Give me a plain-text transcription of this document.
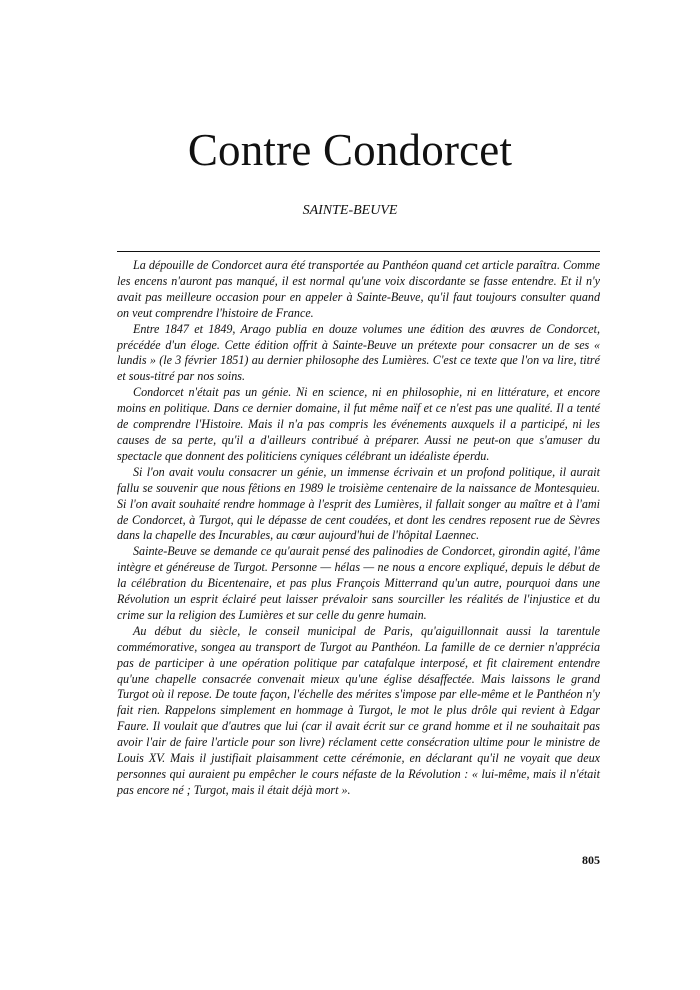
Contre Condorcet
SAINTE-BEUVE

La dépouille de Condorcet aura été transportée au Panthéon quand cet article paraîtra. Comme les encens n'auront pas manqué, il est normal qu'une voix discordante se fasse entendre. Et il n'y avait pas meilleure occasion pour en appeler à Sainte-Beuve, qu'il faut toujours consulter quand on veut comprendre l'histoire de France.

Entre 1847 et 1849, Arago publia en douze volumes une édition des œuvres de Condorcet, précédée d'un éloge. Cette édition offrit à Sainte-Beuve un prétexte pour consacrer un de ses « lundis » (le 3 février 1851) au dernier philosophe des Lumières. C'est ce texte que l'on va lire, titré et sous-titré par nos soins.

Condorcet n'était pas un génie. Ni en science, ni en philosophie, ni en littérature, et encore moins en politique. Dans ce dernier domaine, il fut même naïf et ce n'est pas une qualité. Il a tenté de comprendre l'Histoire. Mais il n'a pas compris les événements auxquels il a participé, ni les causes de sa perte, qu'il a d'ailleurs contribué à préparer. Aussi ne peut-on que s'amuser du spectacle que donnent des politiciens cyniques célébrant un idéaliste éperdu.

Si l'on avait voulu consacrer un génie, un immense écrivain et un profond politique, il aurait fallu se souvenir que nous fêtions en 1989 le troisième centenaire de la naissance de Montesquieu. Si l'on avait souhaité rendre hommage à l'esprit des Lumières, il fallait songer au maître et à l'ami de Condorcet, à Turgot, qui le dépasse de cent coudées, et dont les cendres reposent rue de Sèvres dans la chapelle des Incurables, au cœur aujourd'hui de l'hôpital Laennec.

Sainte-Beuve se demande ce qu'aurait pensé des palinodies de Condorcet, girondin agité, l'âme intègre et généreuse de Turgot. Personne — hélas — ne nous a encore expliqué, depuis le début de la célébration du Bicentenaire, et pas plus François Mitterrand qu'un autre, pourquoi dans une Révolution un esprit éclairé peut laisser prévaloir sans sourciller les réalités de l'injustice et du crime sur la religion des Lumières et sur celle du genre humain.

Au début du siècle, le conseil municipal de Paris, qu'aiguillonnait aussi la tarentule commémorative, songea au transport de Turgot au Panthéon. La famille de ce dernier n'apprécia pas de participer à une opération politique par catafalque interposé, et fit clairement entendre qu'une chapelle consacrée convenait mieux qu'une église désaffectée. Mais laissons le grand Turgot où il repose. De toute façon, l'échelle des mérites s'impose par elle-même et le Panthéon n'y fait rien. Rappelons simplement en hommage à Turgot, le mot le plus drôle qui revient à Edgar Faure. Il voulait que d'autres que lui (car il avait écrit sur ce grand homme et il ne souhaitait pas avoir l'air de faire l'article pour son livre) réclament cette consécration ultime pour le ministre de Louis XV. Mais il justifiait plaisamment cette cérémonie, en déclarant qu'il ne voyait que deux personnes qui auraient pu empêcher le cours néfaste de la Révolution : « lui-même, mais il n'était pas encore né ; Turgot, mais il était déjà mort ».

805
